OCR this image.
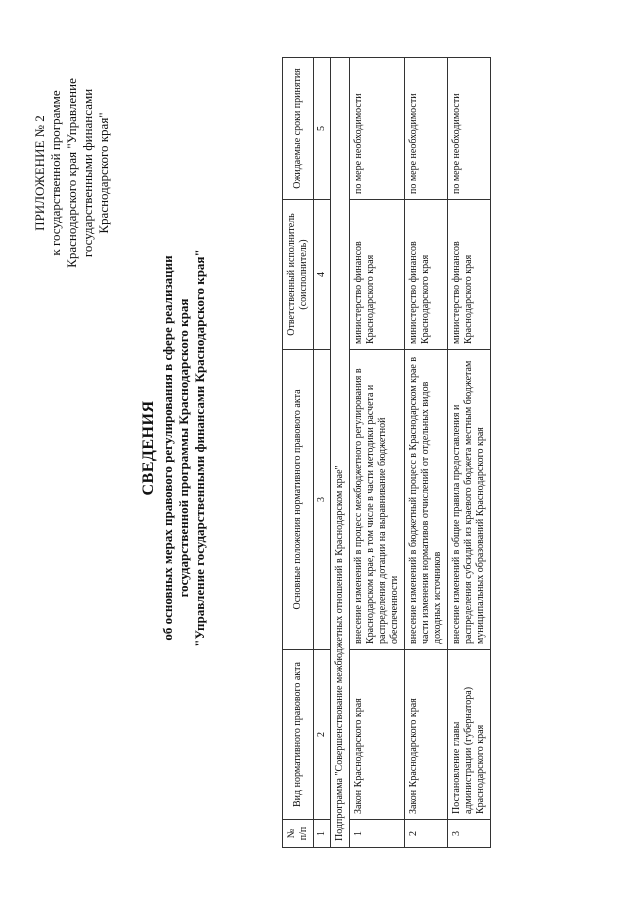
ПРИЛОЖЕНИЕ № 2 к государственной программе Краснодарского края "Управление государственными финансами Краснодарского края"
СВЕДЕНИЯ об основных мерах правового регулирования в сфере реализации государственной программы Краснодарского края "Управление государственными финансами Краснодарского края"
№ п/п	Вид нормативного правового акта	Основные положения нормативного правового акта	Ответственный исполнитель (соисполнитель)	Ожидаемые сроки принятия
1	2	3	4	5
Подпрограмма "Совершенствование межбюджетных отношений в Краснодарском крае"				
1	Закон Краснодарского края	внесение изменений в процесс межбюджетного регулирования в Краснодарском крае, в том числе в части методики расчета и распределения дотации на выравнивание бюджетной обеспеченности	министерство финансов Краснодарского края	по мере необходимости
2	Закон Краснодарского края	внесение изменений в бюджетный процесс в Краснодарском крае в части изменения нормативов отчислений от отдельных видов доходных источников	министерство финансов Краснодарского края	по мере необходимости
3	Постановление главы администрации (губернатора) Краснодарского края	внесение изменений в общие правила предоставления и распределения субсидий из краевого бюджета местным бюджетам муниципальных образований Краснодарского края	министерство финансов Краснодарского края	по мере необходимости
